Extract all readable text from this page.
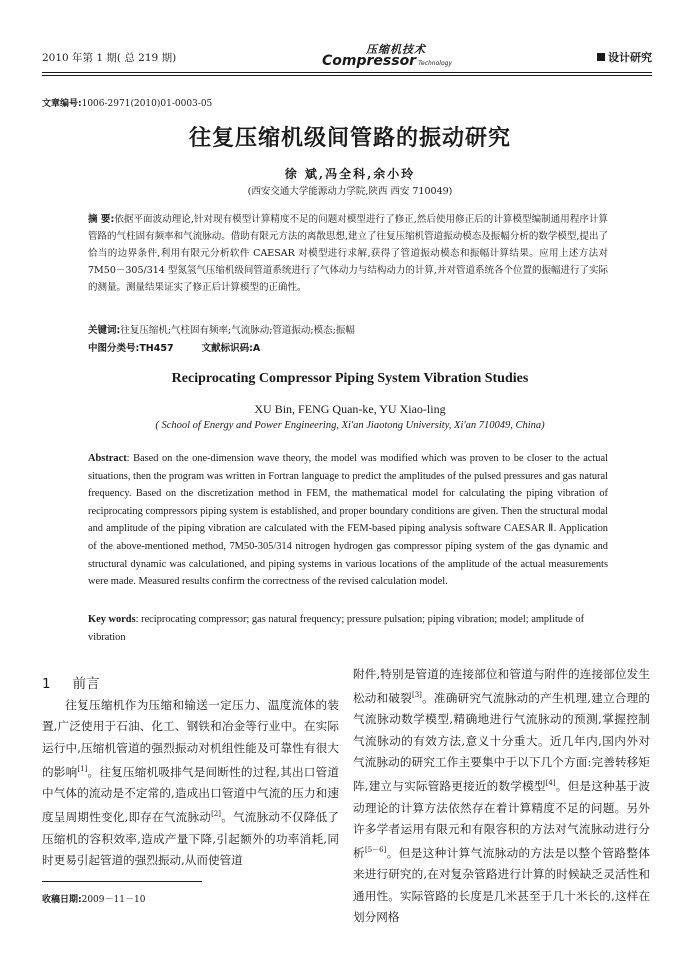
2010 年第 1 期( 总 219 期)
压缩机技术
Compressor Technology	设计研究
文章编号:1006-2971(2010)01-0003-05
往复压缩机级间管路的振动研究
徐 斌,冯全科,余小玲
(西安交通大学能源动力学院,陕西 西安 710049)
摘 要:依据平面波动理论,针对现有模型计算精度不足的问题对模型进行了修正,然后使用修正后的计算模型编制通用程序计算管路的气柱固有频率和气流脉动。借助有限元方法的离散思想,建立了往复压缩机管道振动模态及振幅分析的数学模型,提出了恰当的边界条件,利用有限元分析软件 CAESAR 对模型进行求解,获得了管道振动模态和振幅计算结果。应用上述方法对7M50－305/314 型氮氢气压缩机级间管道系统进行了气体动力与结构动力的计算,并对管道系统各个位置的振幅进行了实际的测量。测量结果证实了修正后计算模型的正确性。
关键词:往复压缩机;气柱固有频率;气流脉动;管道振动;模态;振幅
中图分类号:TH457	文献标识码:A
Reciprocating Compressor Piping System Vibration Studies
XU Bin, FENG Quan-ke, YU Xiao-ling
( School of Energy and Power Engineering, Xi'an Jiaotong University, Xi'an 710049, China)
Abstract: Based on the one-dimension wave theory, the model was modified which was proven to be closer to the actual situations, then the program was written in Fortran language to predict the amplitudes of the pulsed pressures and gas natural frequency. Based on the discretization method in FEM, the mathematical model for calculating the piping vibration of reciprocating compressors piping system is established, and proper boundary conditions are given. Then the structural modal and amplitude of the piping vibration are calculated with the FEM-based piping analysis software CAESAR Ⅱ. Application of the above-mentioned method, 7M50-305/314 nitrogen hydrogen gas compressor piping system of the gas dynamic and structural dynamic was calculationed, and piping systems in various locations of the amplitude of the actual measurements were made. Measured results confirm the correctness of the revised calculation model.
Key words: reciprocating compressor; gas natural frequency; pressure pulsation; piping vibration; model; amplitude of vibration
1 前言
往复压缩机作为压缩和输送一定压力、温度流体的装置,广泛使用于石油、化工、钢铁和冶金等行业中。在实际运行中,压缩机管道的强烈振动对机组性能及可靠性有很大的影响[1]。往复压缩机吸排气是间断性的过程,其出口管道中气体的流动是不定常的,造成出口管道中气流的压力和速度呈周期性变化,即存在气流脉动[2]。气流脉动不仅降低了压缩机的容积效率,造成产量下降,引起额外的功率消耗,同时更易引起管道的强烈振动,从而使管道
附件,特别是管道的连接部位和管道与附件的连接部位发生松动和破裂[3]。准确研究气流脉动的产生机理,建立合理的气流脉动数学模型,精确地进行气流脉动的预测,掌握控制气流脉动的有效方法,意义十分重大。近几年内,国内外对气流脉动的研究工作主要集中于以下几个方面:完善转移矩阵,建立与实际管路更接近的数学模型[4]。但是这种基于波动理论的计算方法依然存在着计算精度不足的问题。另外许多学者运用有限元和有限容积的方法对气流脉动进行分析[5－6]。但是这种计算气流脉动的方法是以整个管路整体来进行研究的,在对复杂管路进行计算的时候缺乏灵活性和通用性。实际管路的长度是几米甚至于几十米长的,这样在划分网格
收稿日期:2009－11－10
